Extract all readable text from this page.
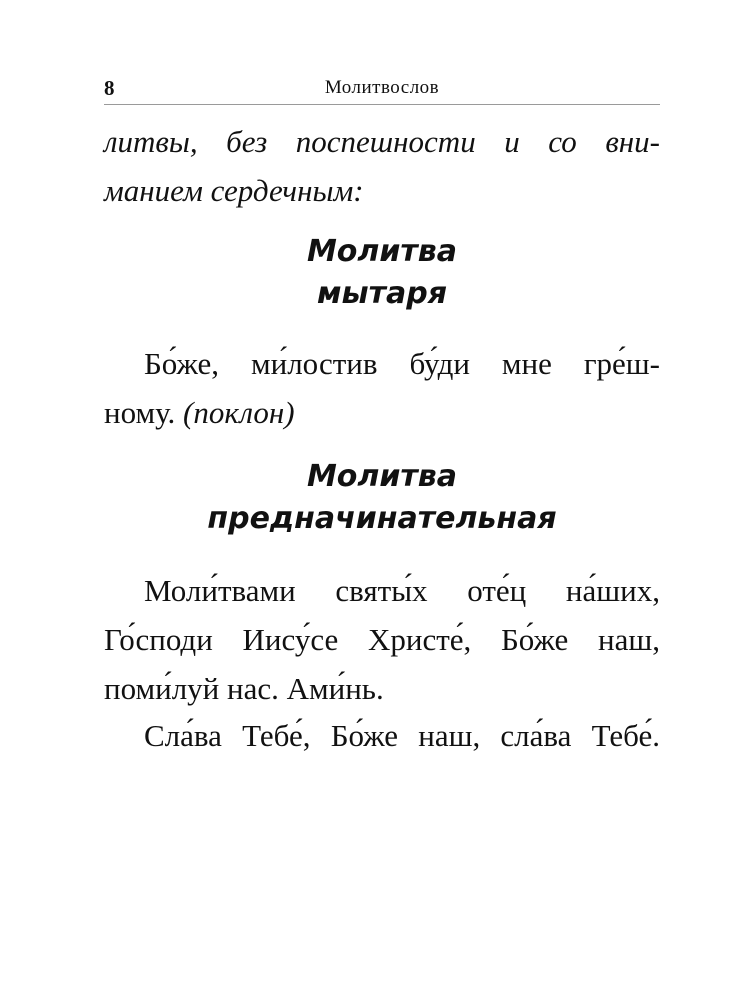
8	Молитвослов

литвы, без поспешности и со вни-
манием сердечным:

Молитва
мытаря

Бо́же, ми́лостив бу́ди мне гре́ш-
ному. (поклон)

Молитва
предначинательная

Моли́твами святы́х оте́ц на́ших,
Го́споди Иису́се Христе́, Бо́же наш,
поми́луй нас. Ами́нь.

Сла́ва Тебе́, Бо́же наш, сла́ва Тебе́.
